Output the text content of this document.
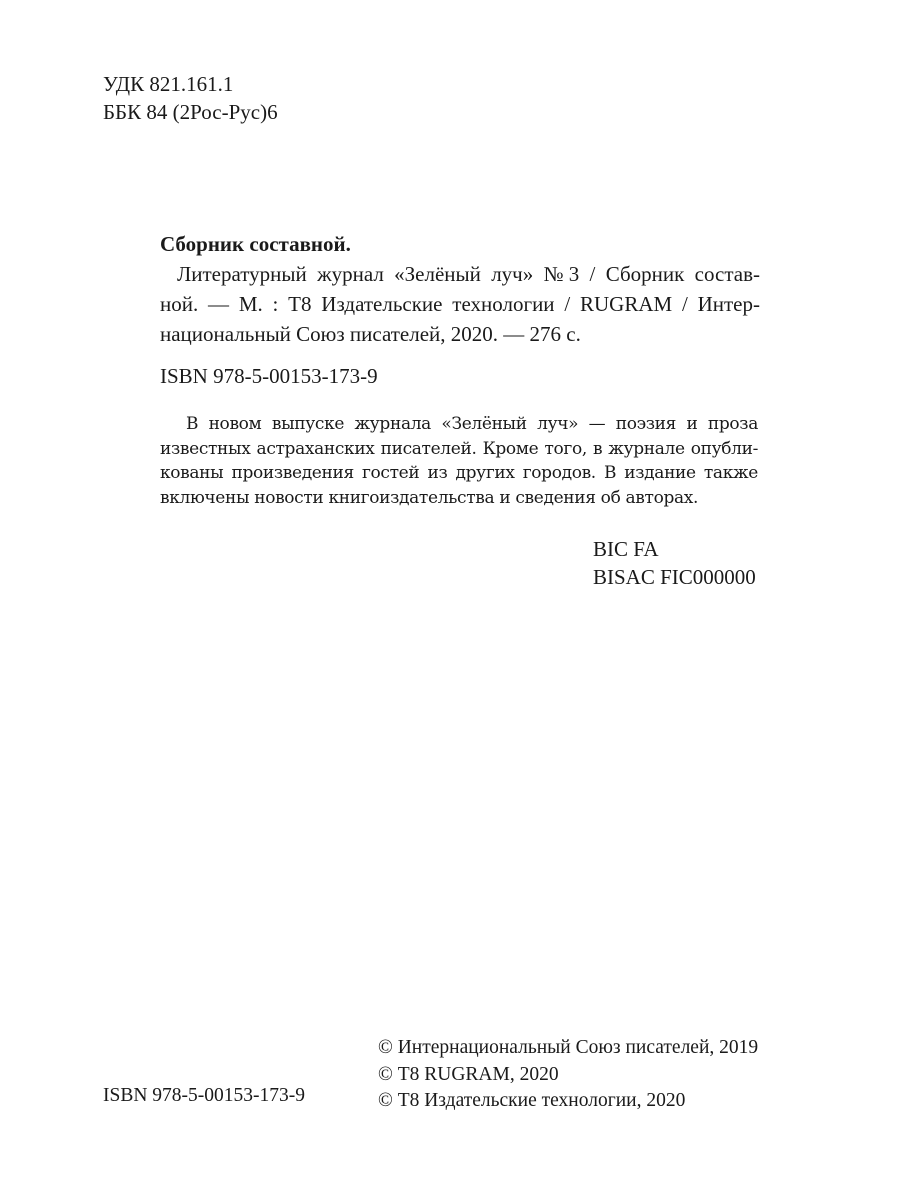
УДК 821.161.1
ББК 84 (2Рос-Рус)6
Сборник составной.
Литературный журнал «Зелёный луч» №3 / Сборник состав-
ной. — М. : Т8 Издательские технологии / RUGRAM / Интер-
национальный Союз писателей, 2020. — 276 с.
ISBN 978-5-00153-173-9
В новом выпуске журнала «Зелёный луч» — поэзия и проза
известных астраханских писателей. Кроме того, в журнале опубли-
кованы произведения гостей из других городов. В издание также
включены новости книгоиздательства и сведения об авторах.
BIC FA
BISAC FIC000000
© Интернациональный Союз писателей, 2019
© Т8 RUGRAM, 2020
© Т8 Издательские технологии, 2020
ISBN 978-5-00153-173-9
